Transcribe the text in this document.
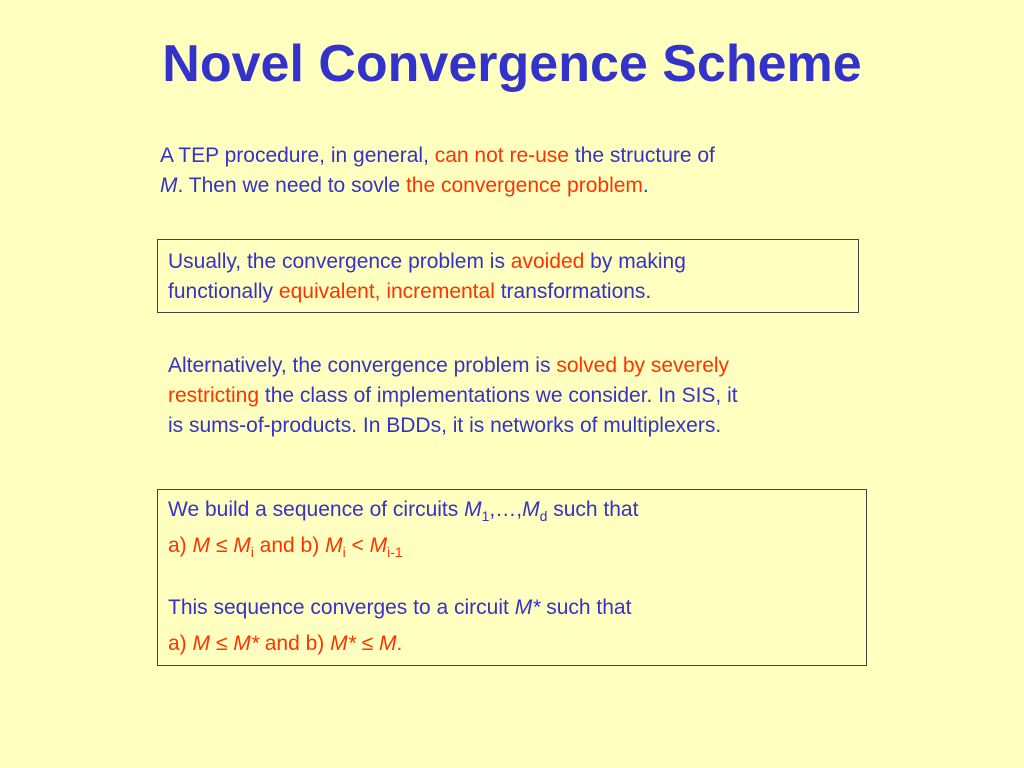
Novel Convergence Scheme
A TEP procedure, in general, can not re-use the structure of
M. Then we need to sovle the convergence problem.
Usually, the convergence problem is avoided by making
functionally equivalent, incremental transformations.
Alternatively, the convergence problem is solved by severely
restricting the class of implementations we consider. In SIS, it
is sums-of-products. In BDDs, it is networks of multiplexers.
We build a sequence of circuits $M_1,\dots,M_d$ such that
a) $M \le M_i$ and b) $M_i < M_{i-1}$
This sequence converges to a circuit M* such that
a) M ≤ M* and b) M* ≤ M.
